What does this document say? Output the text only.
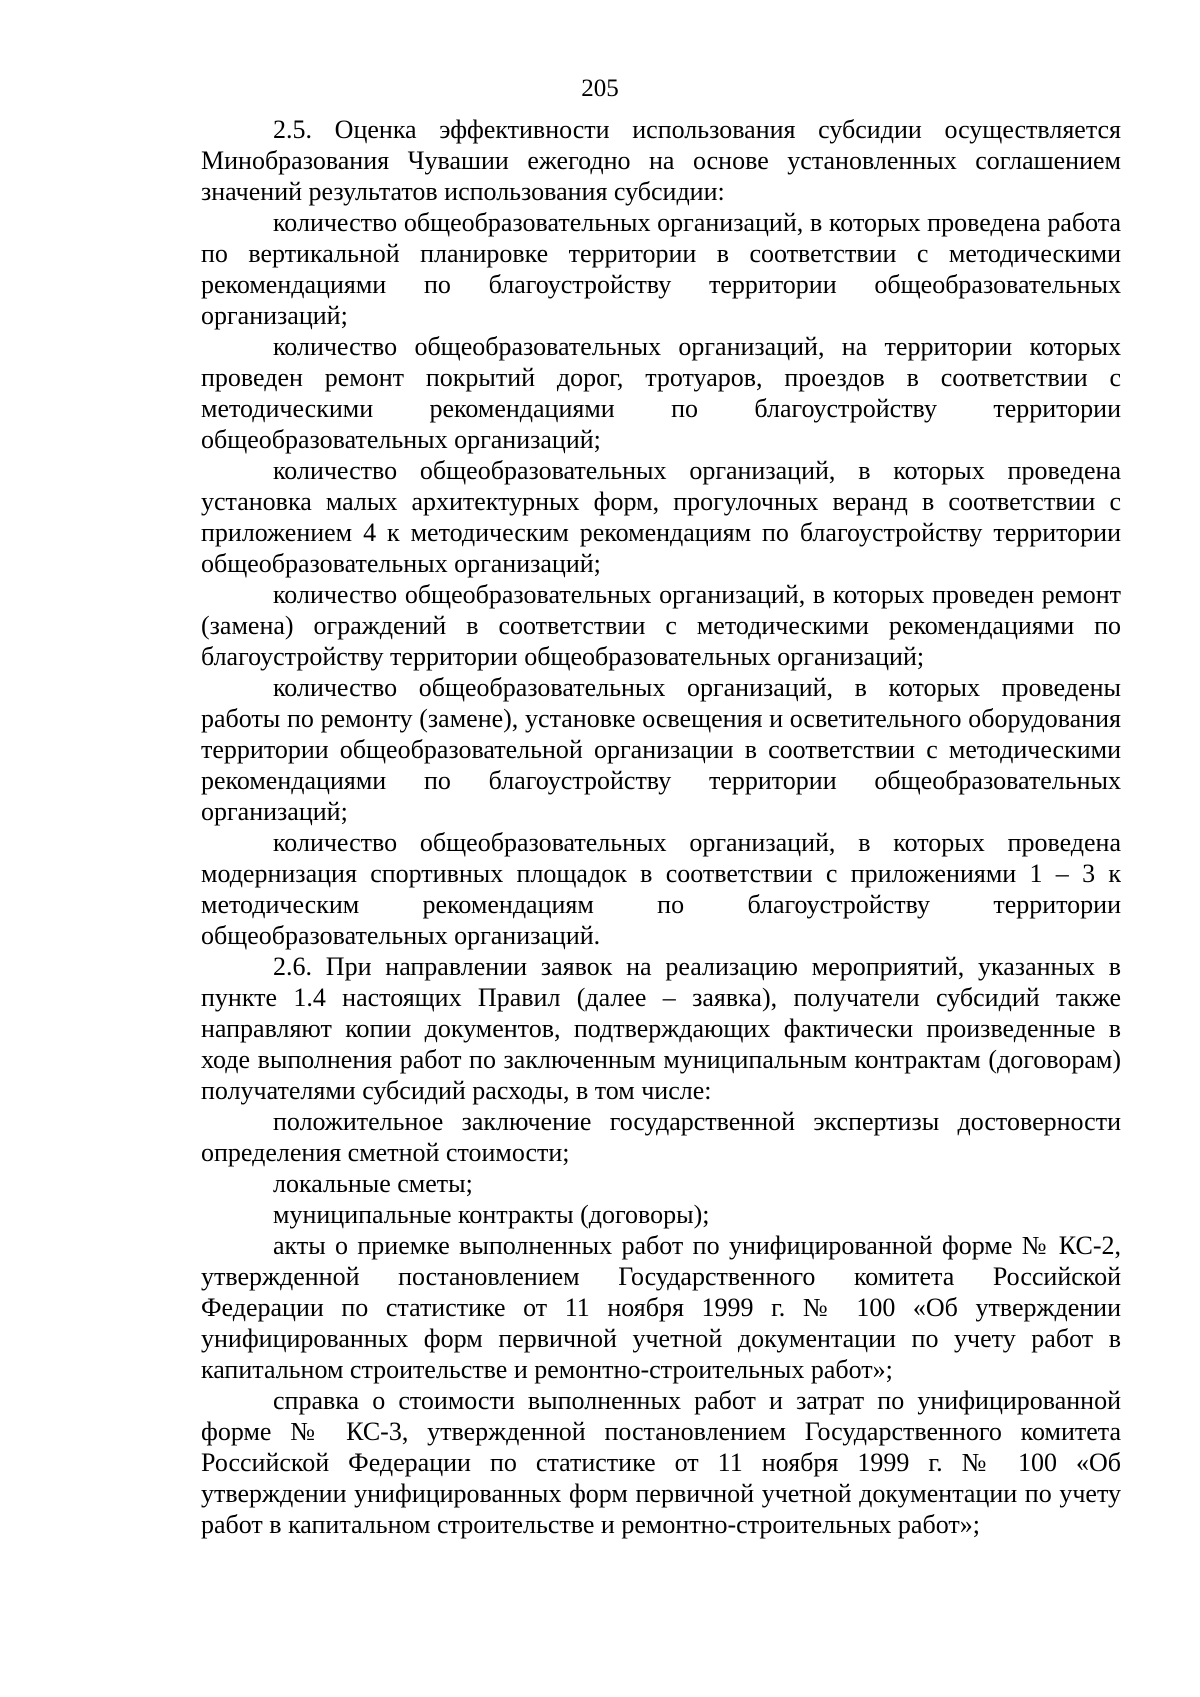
205

2.5. Оценка эффективности использования субсидии осуществляется Минобразования Чувашии ежегодно на основе установленных соглашением значений результатов использования субсидии:

количество общеобразовательных организаций, в которых проведена работа по вертикальной планировке территории в соответствии с методическими рекомендациями по благоустройству территории общеобразовательных организаций;

количество общеобразовательных организаций, на территории которых проведен ремонт покрытий дорог, тротуаров, проездов в соответствии с методическими рекомендациями по благоустройству территории общеобразовательных организаций;

количество общеобразовательных организаций, в которых проведена установка малых архитектурных форм, прогулочных веранд в соответствии с приложением 4 к методическим рекомендациям по благоустройству территории общеобразовательных организаций;

количество общеобразовательных организаций, в которых проведен ремонт (замена) ограждений в соответствии с методическими рекомендациями по благоустройству территории общеобразовательных организаций;

количество общеобразовательных организаций, в которых проведены работы по ремонту (замене), установке освещения и осветительного оборудования территории общеобразовательной организации в соответствии с методическими рекомендациями по благоустройству территории общеобразовательных организаций;

количество общеобразовательных организаций, в которых проведена модернизация спортивных площадок в соответствии с приложениями 1 – 3 к методическим рекомендациям по благоустройству территории общеобразовательных организаций.

2.6. При направлении заявок на реализацию мероприятий, указанных в пункте 1.4 настоящих Правил (далее – заявка), получатели субсидий также направляют копии документов, подтверждающих фактически произведенные в ходе выполнения работ по заключенным муниципальным контрактам (договорам) получателями субсидий расходы, в том числе:

положительное заключение государственной экспертизы достоверности определения сметной стоимости;

локальные сметы;

муниципальные контракты (договоры);

акты о приемке выполненных работ по унифицированной форме № КС-2, утвержденной постановлением Государственного комитета Российской Федерации по статистике от 11 ноября 1999 г. № 100 «Об утверждении унифицированных форм первичной учетной документации по учету работ в капитальном строительстве и ремонтно-строительных работ»;

справка о стоимости выполненных работ и затрат по унифицированной форме № КС-3, утвержденной постановлением Государственного комитета Российской Федерации по статистике от 11 ноября 1999 г. № 100 «Об утверждении унифицированных форм первичной учетной документации по учету работ в капитальном строительстве и ремонтно-строительных работ»;
